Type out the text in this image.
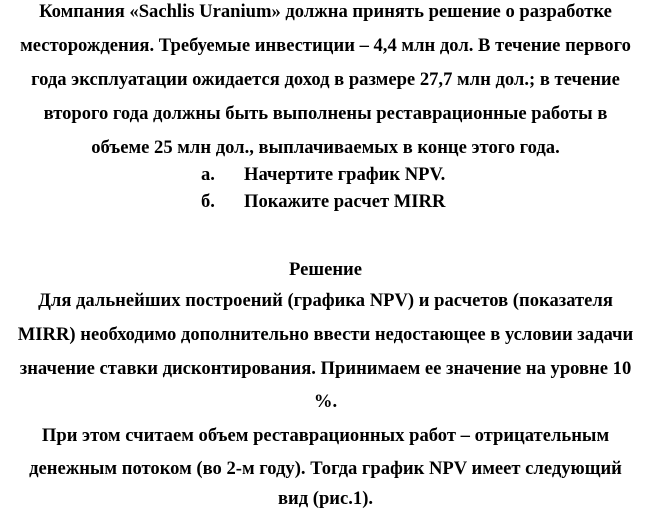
Компания «Sachlis Uranium» должна принять решение о разработке
месторождения. Требуемые инвестиции – 4,4 млн дол. В течение первого
года эксплуатации ожидается доход в размере 27,7 млн дол.; в течение
второго года должны быть выполнены реставрационные работы в
объеме 25 млн дол., выплачиваемых в конце этого года.
а. Начертите график NPV.
б. Покажите расчет MIRR
Решение
Для дальнейших построений (графика NPV) и расчетов (показателя
MIRR) необходимо дополнительно ввести недостающее в условии задачи
значение ставки дисконтирования. Принимаем ее значение на уровне 10
%.
При этом считаем объем реставрационных работ – отрицательным
денежным потоком (во 2-м году). Тогда график NPV имеет следующий
вид (рис.1).
